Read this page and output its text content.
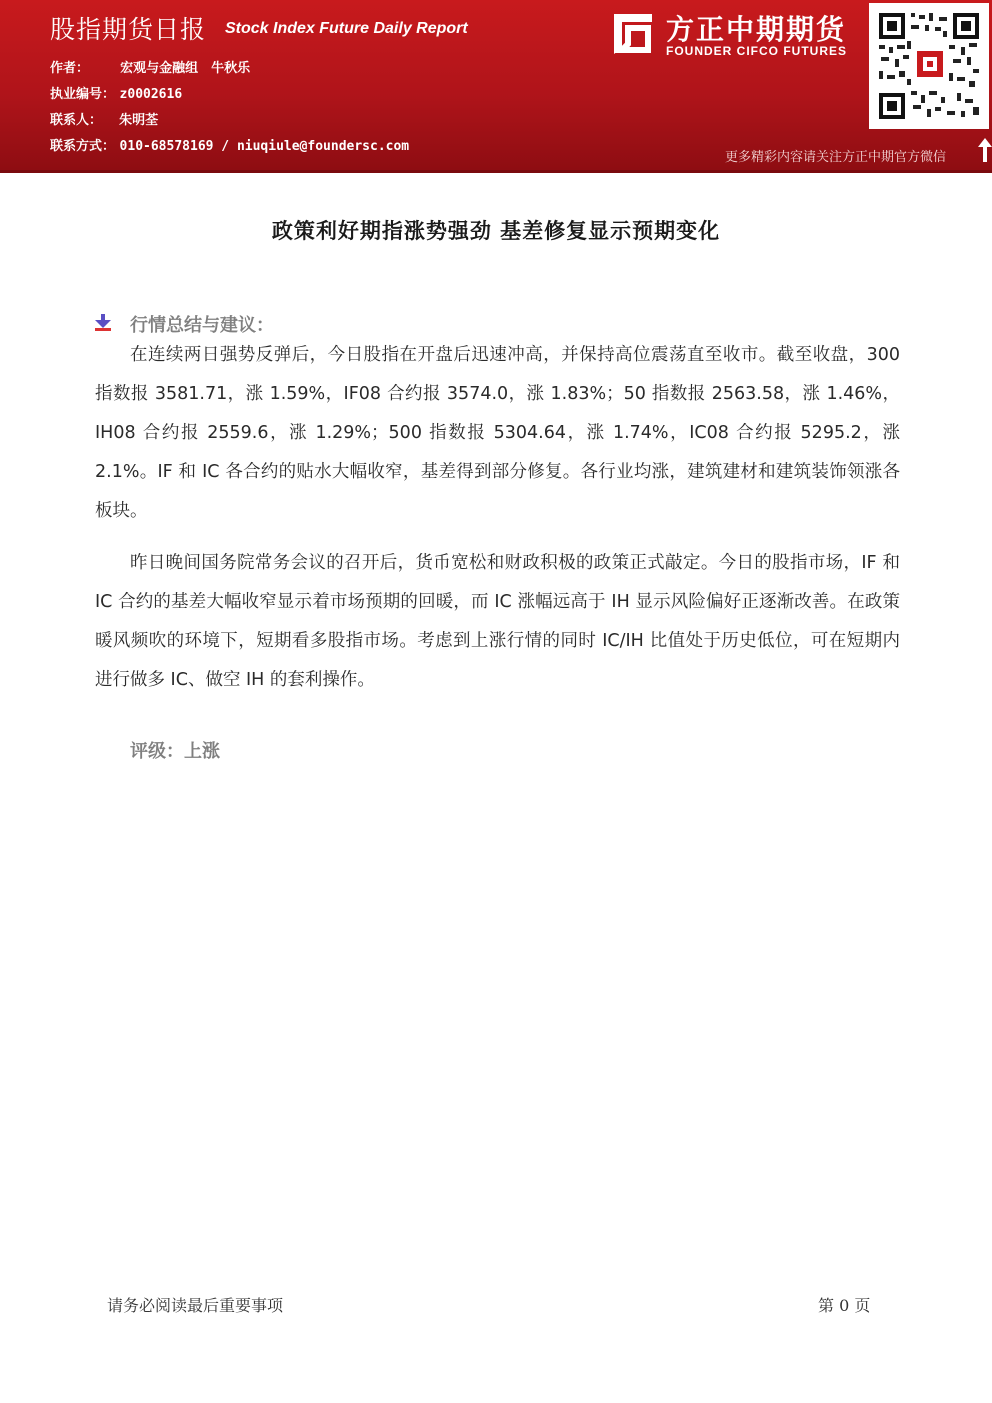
股指期货日报 Stock Index Future Daily Report
作者： 宏观与金融组　牛秋乐
执业编号： z0002616
联系人： 朱明荃
联系方式： 010-68578169 / niuqiule@foundersc.com
方正中期期货
FOUNDER CIFCO FUTURES
更多精彩内容请关注方正中期官方微信
政策利好期指涨势强劲 基差修复显示预期变化
行情总结与建议：

在连续两日强势反弹后，今日股指在开盘后迅速冲高，并保持高位震荡直至收市。截至收盘，300 指数报 3581.71，涨 1.59%，IF08 合约报 3574.0，涨 1.83%；50 指数报 2563.58，涨 1.46%，IH08 合约报 2559.6，涨 1.29%；500 指数报 5304.64，涨 1.74%，IC08 合约报 5295.2，涨 2.1%。IF 和 IC 各合约的贴水大幅收窄，基差得到部分修复。各行业均涨，建筑建材和建筑装饰领涨各板块。

昨日晚间国务院常务会议的召开后，货币宽松和财政积极的政策正式敲定。今日的股指市场，IF 和 IC 合约的基差大幅收窄显示着市场预期的回暖，而 IC 涨幅远高于 IH 显示风险偏好正逐渐改善。在政策暖风频吹的环境下，短期看多股指市场。考虑到上涨行情的同时 IC/IH 比值处于历史低位，可在短期内进行做多 IC、做空 IH 的套利操作。

评级：上涨
请务必阅读最后重要事项	第 0 页
